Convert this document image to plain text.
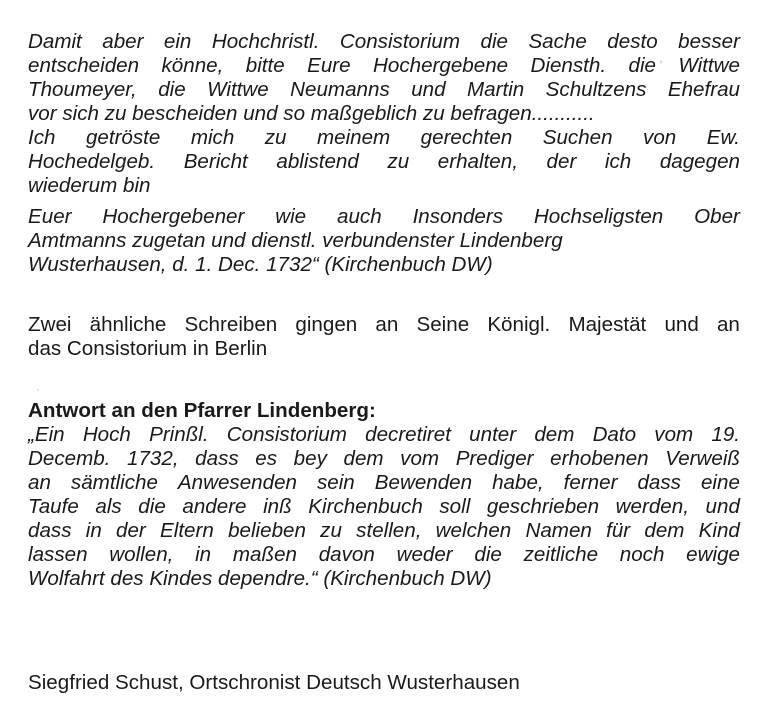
Damit aber ein Hochchristl. Consistorium die Sache desto besser
entscheiden könne, bitte Eure Hochergebene Diensth. die Wittwe
Thoumeyer, die Wittwe Neumanns und Martin Schultzens Ehefrau
vor sich zu bescheiden und so maßgeblich zu befragen...........
Ich getröste mich zu meinem gerechten Suchen von Ew.
Hochedelgeb. Bericht ablistend zu erhalten, der ich dagegen
wiederum bin
Euer Hochergebener wie auch Insonders Hochseligsten Ober
Amtmanns zugetan und dienstl. verbundenster Lindenberg
Wusterhausen, d. 1. Dec. 1732“ (Kirchenbuch DW)
Zwei ähnliche Schreiben gingen an Seine Königl. Majestät und an
das Consistorium in Berlin
Antwort an den Pfarrer Lindenberg:
„Ein Hoch Prinßl. Consistorium decretiret unter dem Dato vom 19.
Decemb. 1732, dass es bey dem vom Prediger erhobenen Verweiß
an sämtliche Anwesenden sein Bewenden habe, ferner dass eine
Taufe als die andere inß Kirchenbuch soll geschrieben werden, und
dass in der Eltern belieben zu stellen, welchen Namen für dem Kind
lassen wollen, in maßen davon weder die zeitliche noch ewige
Wolfahrt des Kindes dependre.“ (Kirchenbuch DW)
Siegfried Schust, Ortschronist Deutsch Wusterhausen
ʹ
·
